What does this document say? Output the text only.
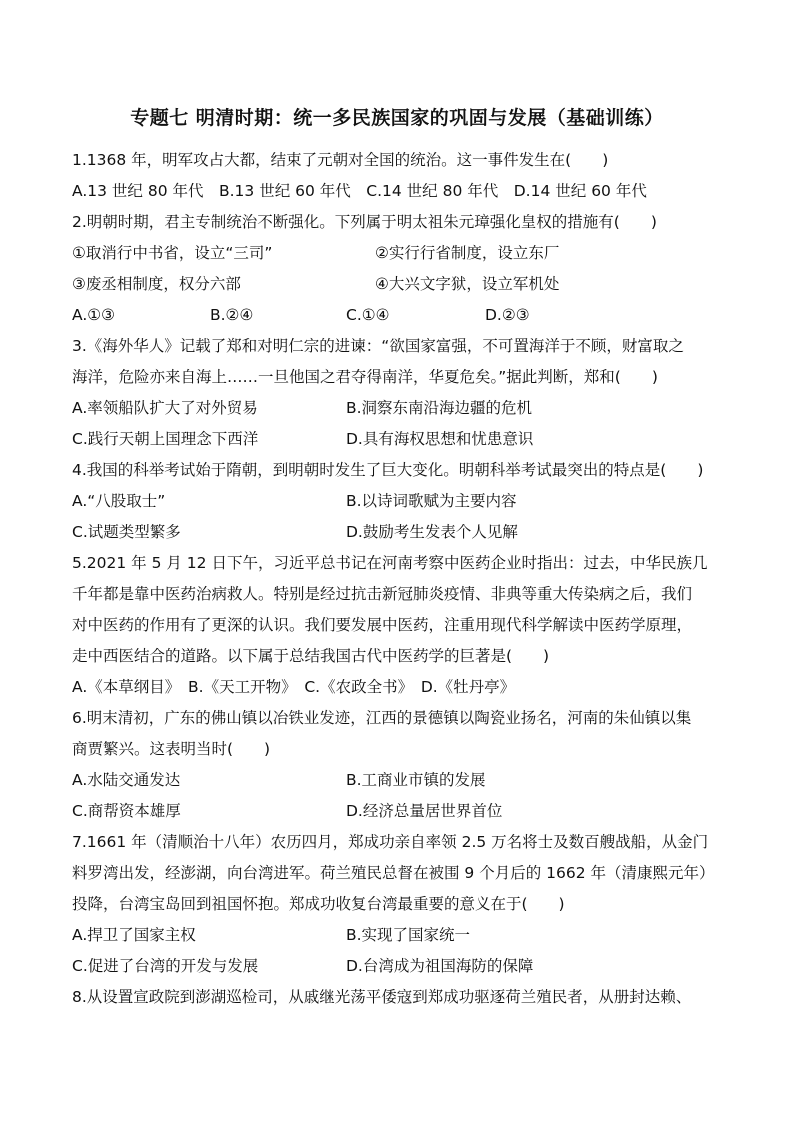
专题七 明清时期：统一多民族国家的巩固与发展（基础训练）
1.1368 年，明军攻占大都，结束了元朝对全国的统治。这一事件发生在(　　)
A.13 世纪 80 年代　B.13 世纪 60 年代　C.14 世纪 80 年代　D.14 世纪 60 年代
2.明朝时期，君主专制统治不断强化。下列属于明太祖朱元璋强化皇权的措施有(　　)
①取消行中书省，设立“三司”	②实行行省制度，设立东厂
③废丞相制度，权分六部	④大兴文字狱，设立军机处
A.①③	B.②④	C.①④	D.②③
3.《海外华人》记载了郑和对明仁宗的进谏：“欲国家富强，不可置海洋于不顾，财富取之
海洋，危险亦来自海上……一旦他国之君夺得南洋，华夏危矣。”据此判断，郑和(　　)
A.率领船队扩大了对外贸易	B.洞察东南沿海边疆的危机
C.践行天朝上国理念下西洋	D.具有海权思想和忧患意识
4.我国的科举考试始于隋朝，到明朝时发生了巨大变化。明朝科举考试最突出的特点是(　　)
A.“八股取士”	B.以诗词歌赋为主要内容
C.试题类型繁多	D.鼓励考生发表个人见解
5.2021 年 5 月 12 日下午，习近平总书记在河南考察中医药企业时指出：过去，中华民族几
千年都是靠中医药治病救人。特别是经过抗击新冠肺炎疫情、非典等重大传染病之后，我们
对中医药的作用有了更深的认识。我们要发展中医药，注重用现代科学解读中医药学原理，
走中西医结合的道路。以下属于总结我国古代中医药学的巨著是(　　)
A.《本草纲目》　B.《天工开物》　C.《农政全书》　D.《牡丹亭》
6.明末清初，广东的佛山镇以冶铁业发迹，江西的景德镇以陶瓷业扬名，河南的朱仙镇以集
商贾繁兴。这表明当时(　　)
A.水陆交通发达	B.工商业市镇的发展
C.商帮资本雄厚	D.经济总量居世界首位
7.1661 年（清顺治十八年）农历四月，郑成功亲自率领 2.5 万名将士及数百艘战船，从金门
料罗湾出发，经澎湖，向台湾进军。荷兰殖民总督在被围 9 个月后的 1662 年（清康熙元年）
投降，台湾宝岛回到祖国怀抱。郑成功收复台湾最重要的意义在于(　　)
A.捍卫了国家主权	B.实现了国家统一
C.促进了台湾的开发与发展	D.台湾成为祖国海防的保障
8.从设置宣政院到澎湖巡检司，从戚继光荡平倭寇到郑成功驱逐荷兰殖民者，从册封达赖、
